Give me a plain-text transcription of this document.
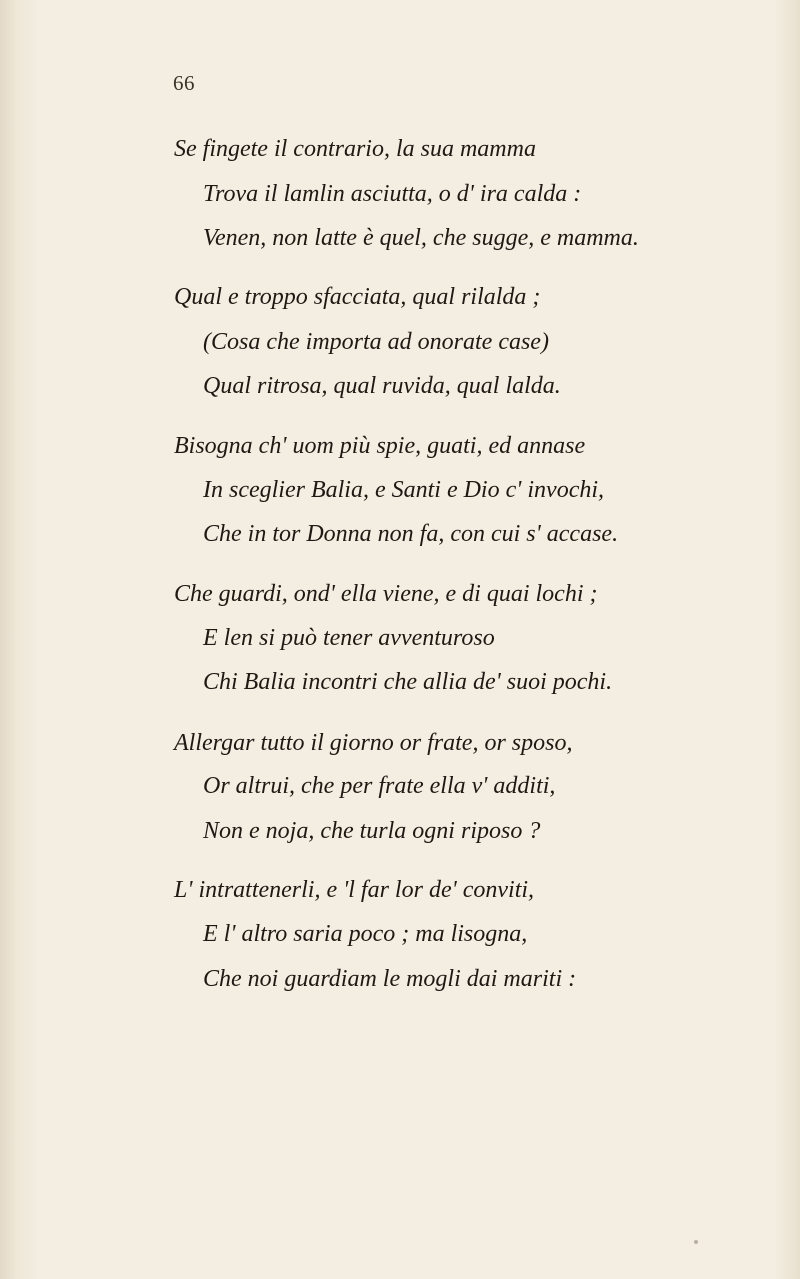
66
Se fingete il contrario, la sua mamma
Trova il lamlin asciutta, o d' ira calda :
Venen, non latte è quel, che sugge, e mamma.
Qual e troppo sfacciata, qual rilalda ;
(Cosa che importa ad onorate case)
Qual ritrosa, qual ruvida, qual lalda.
Bisogna ch' uom più spie, guati, ed annase
In sceglier Balia, e Santi e Dio c' invochi,
Che in tor Donna non fa, con cui s' accase.
Che guardi, ond' ella viene, e di quai lochi ;
E len si può tener avventuroso
Chi Balia incontri che allia de' suoi pochi.
Allergar tutto il giorno or frate, or sposo,
Or altrui, che per frate ella v' additi,
Non e noja, che turla ogni riposo ?
L' intrattenerli, e 'l far lor de' conviti,
E l' altro saria poco ; ma lisogna,
Che noi guardiam le mogli dai mariti :
